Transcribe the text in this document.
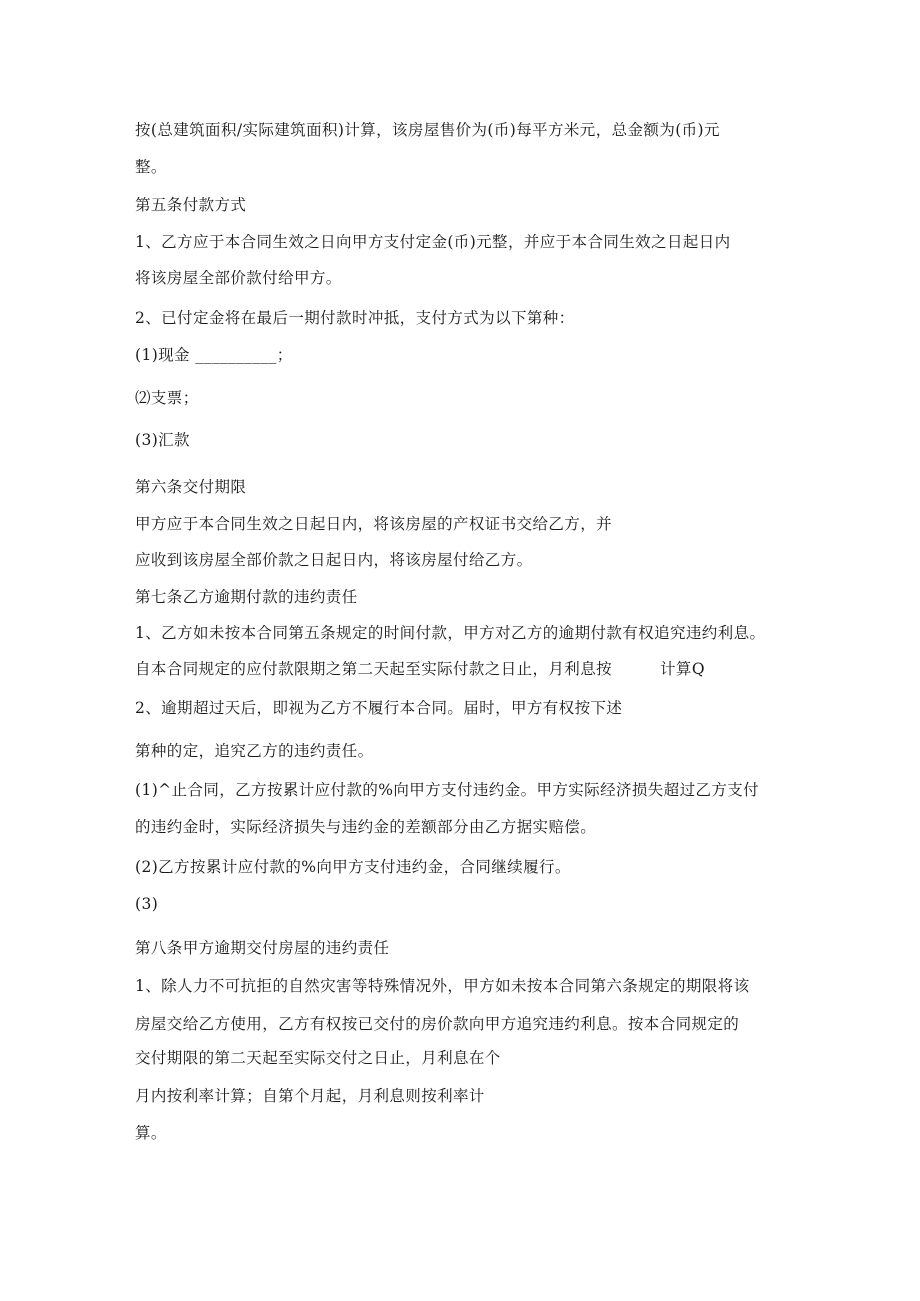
按(总建筑面积/实际建筑面积)计算，该房屋售价为(币)每平方米元，总金额为(币)元
整。
第五条付款方式
1、乙方应于本合同生效之日向甲方支付定金(币)元整，并应于本合同生效之日起日内
将该房屋全部价款付给甲方。
2、已付定金将在最后一期付款时冲抵，支付方式为以下第种：
(1)现金 __________；
⑵支票；
(3)汇款
第六条交付期限
甲方应于本合同生效之日起日内，将该房屋的产权证书交给乙方，并
应收到该房屋全部价款之日起日内，将该房屋付给乙方。
第七条乙方逾期付款的违约责任
1、乙方如未按本合同第五条规定的时间付款，甲方对乙方的逾期付款有权追究违约利息。
自本合同规定的应付款限期之第二天起至实际付款之日止，月利息按	计算Q
2、逾期超过天后，即视为乙方不履行本合同。届时，甲方有权按下述
第种的定，追究乙方的违约责任。
(1)^止合同，乙方按累计应付款的%向甲方支付违约金。甲方实际经济损失超过乙方支付
的违约金时，实际经济损失与违约金的差额部分由乙方据实赔偿。
(2)乙方按累计应付款的%向甲方支付违约金，合同继续履行。
(3)
第八条甲方逾期交付房屋的违约责任
1、除人力不可抗拒的自然灾害等特殊情况外，甲方如未按本合同第六条规定的期限将该
房屋交给乙方使用，乙方有权按已交付的房价款向甲方追究违约利息。按本合同规定的
交付期限的第二天起至实际交付之日止，月利息在个
月内按利率计算；自第个月起，月利息则按利率计
算。
